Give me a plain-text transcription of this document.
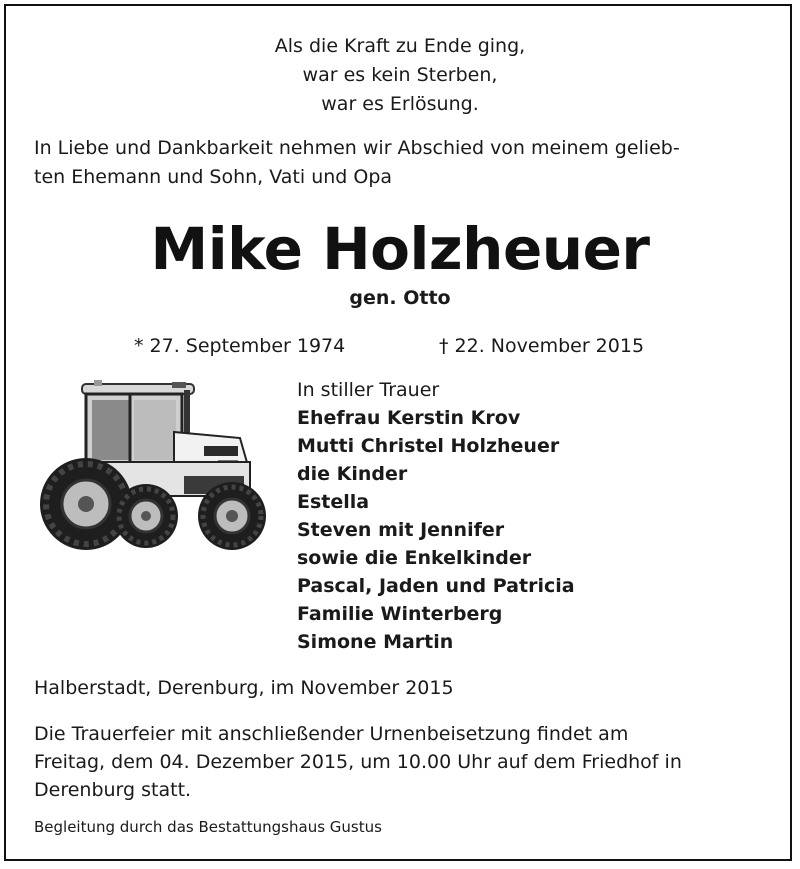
Als die Kraft zu Ende ging,
war es kein Sterben,
war es Erlösung.
In Liebe und Dankbarkeit nehmen wir Abschied von meinem gelieb-
ten Ehemann und Sohn, Vati und Opa
Mike Holzheuer
gen. Otto
* 27. September 1974	† 22. November 2015
In stiller Trauer
Ehefrau Kerstin Krov
Mutti Christel Holzheuer
die Kinder
Estella
Steven mit Jennifer
sowie die Enkelkinder
Pascal, Jaden und Patricia
Familie Winterberg
Simone Martin
Halberstadt, Derenburg, im November 2015
Die Trauerfeier mit anschließender Urnenbeisetzung findet am
Freitag, dem 04. Dezember 2015, um 10.00 Uhr auf dem Friedhof in
Derenburg statt.
Begleitung durch das Bestattungshaus Gustus
